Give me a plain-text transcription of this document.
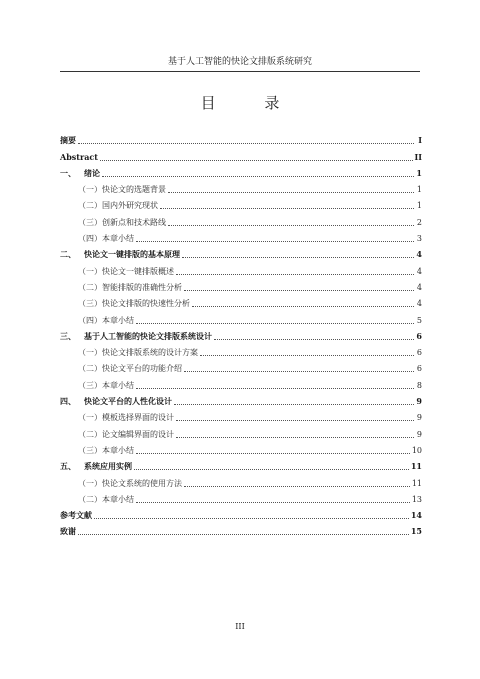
基于人工智能的快论文排版系统研究
目 录
摘要	I
Abstract	II
一、 绪论	1
（一）快论文的选题背景	1
（二）国内外研究现状	1
（三）创新点和技术路线	2
（四）本章小结	3
二、 快论文一键排版的基本原理	4
（一）快论文一键排版概述	4
（二）智能排版的准确性分析	4
（三）快论文排版的快速性分析	4
（四）本章小结	5
三、 基于人工智能的快论文排版系统设计	6
（一）快论文排版系统的设计方案	6
（二）快论文平台的功能介绍	6
（三）本章小结	8
四、 快论文平台的人性化设计	9
（一）模板选择界面的设计	9
（二）论文编辑界面的设计	9
（三）本章小结	10
五、 系统应用实例	11
（一）快论文系统的使用方法	11
（二）本章小结	13
参考文献	14
致谢	15
III
